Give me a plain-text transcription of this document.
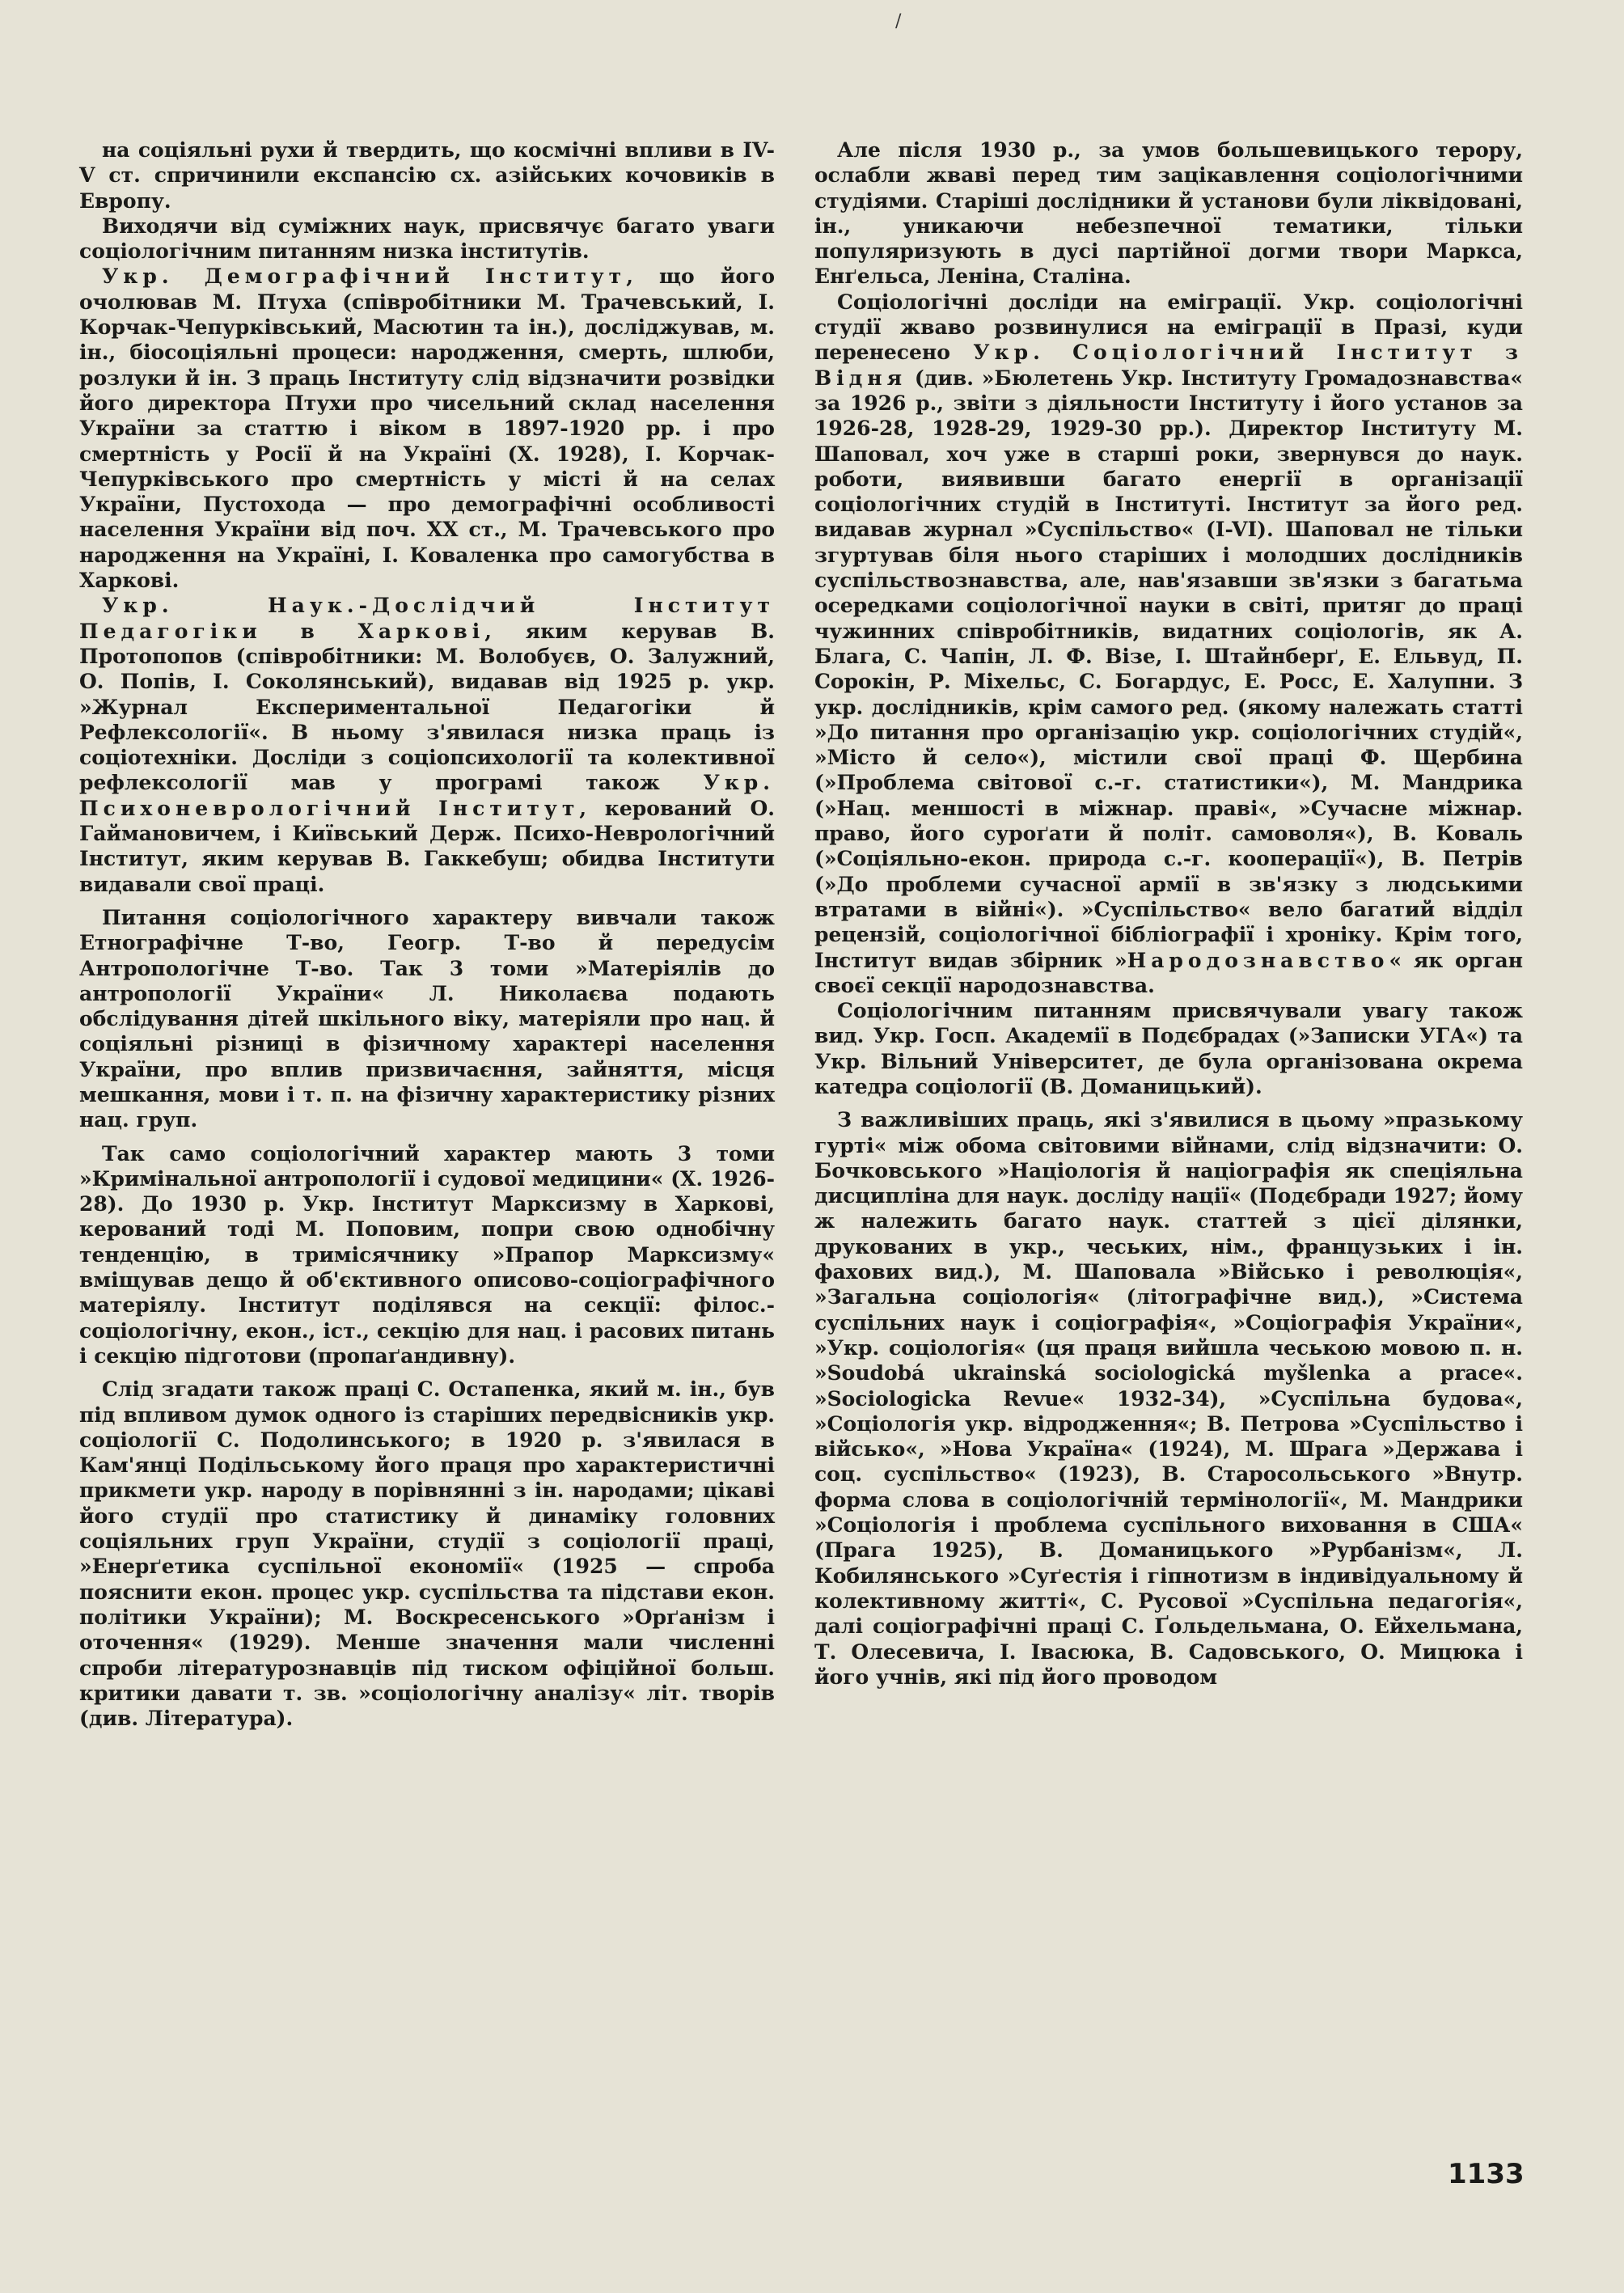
/

на соціяльні рухи й твердить, що космічні впливи в IV-V ст. спричинили експансію сх. азійських кочовиків в Европу.

Виходячи від суміжних наук, присвячує багато уваги соціологічним питанням низка інститутів.

Укр. Демографічний Інститут, що його очолював М. Птуха (співробітники М. Трачевський, І. Корчак-Чепурківський, Масютин та ін.), досліджував, м. ін., біосоціяльні процеси: народження, смерть, шлюби, розлуки й ін. З праць Інституту слід відзначити розвідки його директора Птухи про чисельний склад населення України за статтю і віком в 1897-1920 рр. і про смертність у Росії й на Україні (Х. 1928), І. Корчак-Чепурківського про смертність у місті й на селах України, Пустохода — про демографічні особливості населення України від поч. XX ст., М. Трачевського про народження на Україні, І. Коваленка про самогубства в Харкові.

Укр. Наук.-Дослідчий Інститут Педагогіки в Харкові, яким керував В. Протопопов (співробітники: М. Волобуєв, О. Залужний, О. Попів, І. Соколянський), видавав від 1925 р. укр. »Журнал Експериментальної Педагогіки й Рефлексології«. В ньому з'явилася низка праць із соціотехніки. Досліди з соціопсихології та колективної рефлексології мав у програмі також Укр. Психоневрологічний Інститут, керований О. Гаймановичем, і Київський Держ. Психо-Неврологічний Інститут, яким керував В. Гаккебуш; обидва Інститути видавали свої праці.

Питання соціологічного характеру вивчали також Етнографічне Т-во, Геогр. Т-во й передусім Антропологічне Т-во. Так 3 томи »Матеріялів до антропології України« Л. Николаєва подають обслідування дітей шкільного віку, матеріяли про нац. й соціяльні різниці в фізичному характері населення України, про вплив призвичаєння, зайняття, місця мешкання, мови і т. п. на фізичну характеристику різних нац. груп.

Так само соціологічний характер мають 3 томи »Кримінальної антропології і судової медицини« (Х. 1926-28). До 1930 р. Укр. Інститут Марксизму в Харкові, керований тоді М. Поповим, попри свою однобічну тенденцію, в тримісячнику »Прапор Марксизму« вміщував дещо й об'єктивного описово-соціографічного матеріялу. Інститут поділявся на секції: філос.-соціологічну, екон., іст., секцію для нац. і расових питань і секцію підготови (пропаґандивну).

Слід згадати також праці С. Остапенка, який м. ін., був під впливом думок одного із старіших передвісників укр. соціології С. Подолинського; в 1920 р. з'явилася в Кам'янці Подільському його праця про характеристичні прикмети укр. народу в порівнянні з ін. народами; цікаві його студії про статистику й динаміку головних соціяльних груп України, студії з соціології праці, »Енерґетика суспільної економії« (1925 — спроба пояснити екон. процес укр. суспільства та підстави екон. політики України); М. Воскресенського »Орґанізм і оточення« (1929). Менше значення мали численні спроби літературознавців під тиском офіційної больш. критики давати т. зв. »соціологічну аналізу« літ. творів (див. Література).

Але після 1930 р., за умов большевицького терору, ослабли жваві перед тим зацікавлення соціологічними студіями. Старіші дослідники й установи були ліквідовані, ін., уникаючи небезпечної тематики, тільки популяризують в дусі партійної догми твори Маркса, Енґельса, Леніна, Сталіна.

Соціологічні досліди на еміграції. Укр. соціологічні студії жваво розвинулися на еміграції в Празі, куди перенесено Укр. Соціологічний Інститут з Відня (див. »Бюлетень Укр. Інституту Громадознавства« за 1926 р., звіти з діяльности Інституту і його установ за 1926-28, 1928-29, 1929-30 рр.). Директор Інституту М. Шаповал, хоч уже в старші роки, звернувся до наук. роботи, виявивши багато енергії в організації соціологічних студій в Інституті. Інститут за його ред. видавав журнал »Суспільство« (I-VI). Шаповал не тільки згуртував біля нього старіших і молодших дослідників суспільствознавства, але, нав'язавши зв'язки з багатьма осередками соціологічної науки в світі, притяг до праці чужинних співробітників, видатних соціологів, як А. Блага, С. Чапін, Л. Ф. Візе, І. Штайнберґ, Е. Ельвуд, П. Сорокін, Р. Міхельс, С. Богардус, Е. Росс, Е. Халупни. З укр. дослідників, крім самого ред. (якому належать статті »До питання про організацію укр. соціологічних студій«, »Місто й село«), містили свої праці Ф. Щербина (»Проблема світової с.-г. статистики«), М. Мандрика (»Нац. меншості в міжнар. праві«, »Сучасне міжнар. право, його суроґати й політ. самоволя«), В. Коваль (»Соціяльно-екон. природа с.-г. кооперації«), В. Петрів (»До проблеми сучасної армії в зв'язку з людськими втратами в війні«). »Суспільство« вело багатий відділ рецензій, соціологічної бібліографії і хроніку. Крім того, Інститут видав збірник »Народознавство« як орган своєї секції народознавства.

Соціологічним питанням присвячували увагу також вид. Укр. Госп. Академії в Подєбрадах (»Записки УГА«) та Укр. Вільний Університет, де була організована окрема катедра соціології (В. Доманицький).

З важливіших праць, які з'явилися в цьому »празькому гурті« між обома світовими війнами, слід відзначити: О. Бочковського »Націологія й націографія як спеціяльна дисципліна для наук. досліду нації« (Подєбради 1927; йому ж належить багато наук. статтей з цієї ділянки, друкованих в укр., чеських, нім., французьких і ін. фахових вид.), М. Шаповала »Військо і революція«, »Загальна соціологія« (літографічне вид.), »Система суспільних наук і соціографія«, »Соціографія України«, »Укр. соціологія« (ця праця вийшла чеською мовою п. н. »Soudobá ukrainská sociologická myšlenka a prace«. »Sociologicka Revue« 1932-34), »Суспільна будова«, »Соціологія укр. відродження«; В. Петрова »Суспільство і військо«, »Нова Україна« (1924), М. Шрага »Держава і соц. суспільство« (1923), В. Старосольського »Внутр. форма слова в соціологічній термінології«, М. Мандрики »Соціологія і проблема суспільного виховання в США« (Прага 1925), В. Доманицького »Рурбанізм«, Л. Кобилянського »Суґестія і гіпнотизм в індивідуальному й колективному житті«, С. Русової »Суспільна педагогія«, далі соціографічні праці С. Ґольдельмана, О. Ейхельмана, Т. Олесевича, І. Івасюка, В. Садовського, О. Мицюка і його учнів, які під його проводом

1133
